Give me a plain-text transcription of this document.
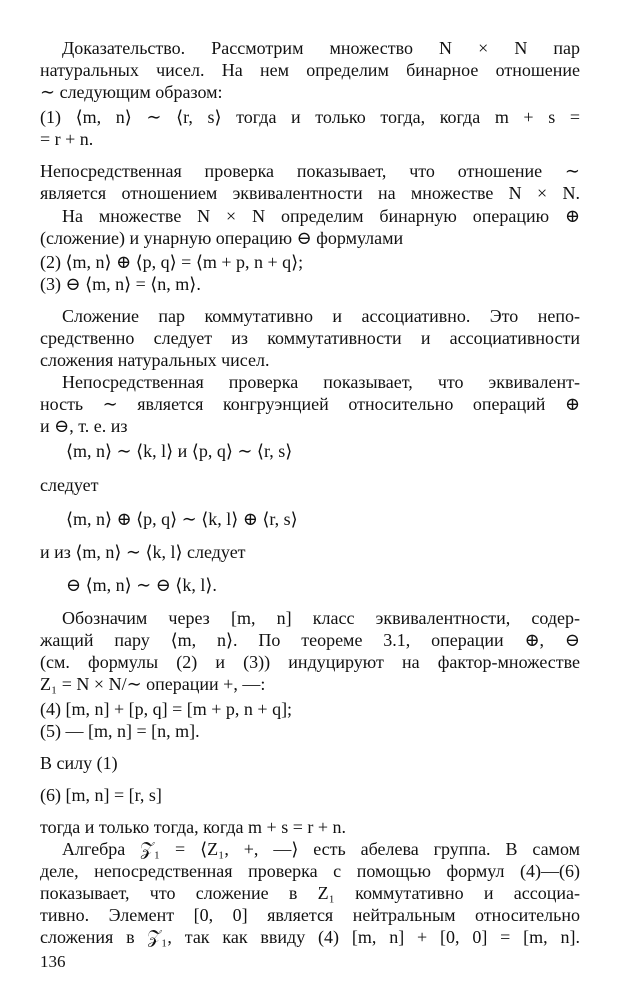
Доказательство. Рассмотрим множество N × N пар
натуральных чисел. На нем определим бинарное отношение
∼ следующим образом:
(1) ⟨m, n⟩ ∼ ⟨r, s⟩ тогда и только тогда, когда m + s =
= r + n.
Непосредственная проверка показывает, что отношение ∼
является отношением эквивалентности на множестве N × N.
На множестве N × N определим бинарную операцию ⊕
(сложение) и унарную операцию ⊖ формулами
(2) ⟨m, n⟩ ⊕ ⟨p, q⟩ = ⟨m + p, n + q⟩;
(3) ⊖ ⟨m, n⟩ = ⟨n, m⟩.
Сложение пар коммутативно и ассоциативно. Это непо-
средственно следует из коммутативности и ассоциативности
сложения натуральных чисел.
Непосредственная проверка показывает, что эквивалент-
ность ∼ является конгруэнцией относительно операций ⊕
и ⊖, т. е. из
⟨m, n⟩ ∼ ⟨k, l⟩ и ⟨p, q⟩ ∼ ⟨r, s⟩
следует
⟨m, n⟩ ⊕ ⟨p, q⟩ ∼ ⟨k, l⟩ ⊕ ⟨r, s⟩
и из ⟨m, n⟩ ∼ ⟨k, l⟩ следует
⊖ ⟨m, n⟩ ∼ ⊖ ⟨k, l⟩.
Обозначим через [m, n] класс эквивалентности, содер-
жащий пару ⟨m, n⟩. По теореме 3.1, операции ⊕, ⊖
(см. формулы (2) и (3)) индуцируют на фактор-множестве
Z₁ = N × N/∼ операции +, —:
(4) [m, n] + [p, q] = [m + p, n + q];
(5) — [m, n] = [n, m].
В силу (1)
(6) [m, n] = [r, s]
тогда и только тогда, когда m + s = r + n.
Алгебра 𝒵₁ = ⟨Z₁, +, —⟩ есть абелева группа. В самом
деле, непосредственная проверка с помощью формул (4)—(6)
показывает, что сложение в Z₁ коммутативно и ассоциа-
тивно. Элемент [0, 0] является нейтральным относительно
сложения в 𝒵₁, так как ввиду (4) [m, n] + [0, 0] = [m, n].
136
